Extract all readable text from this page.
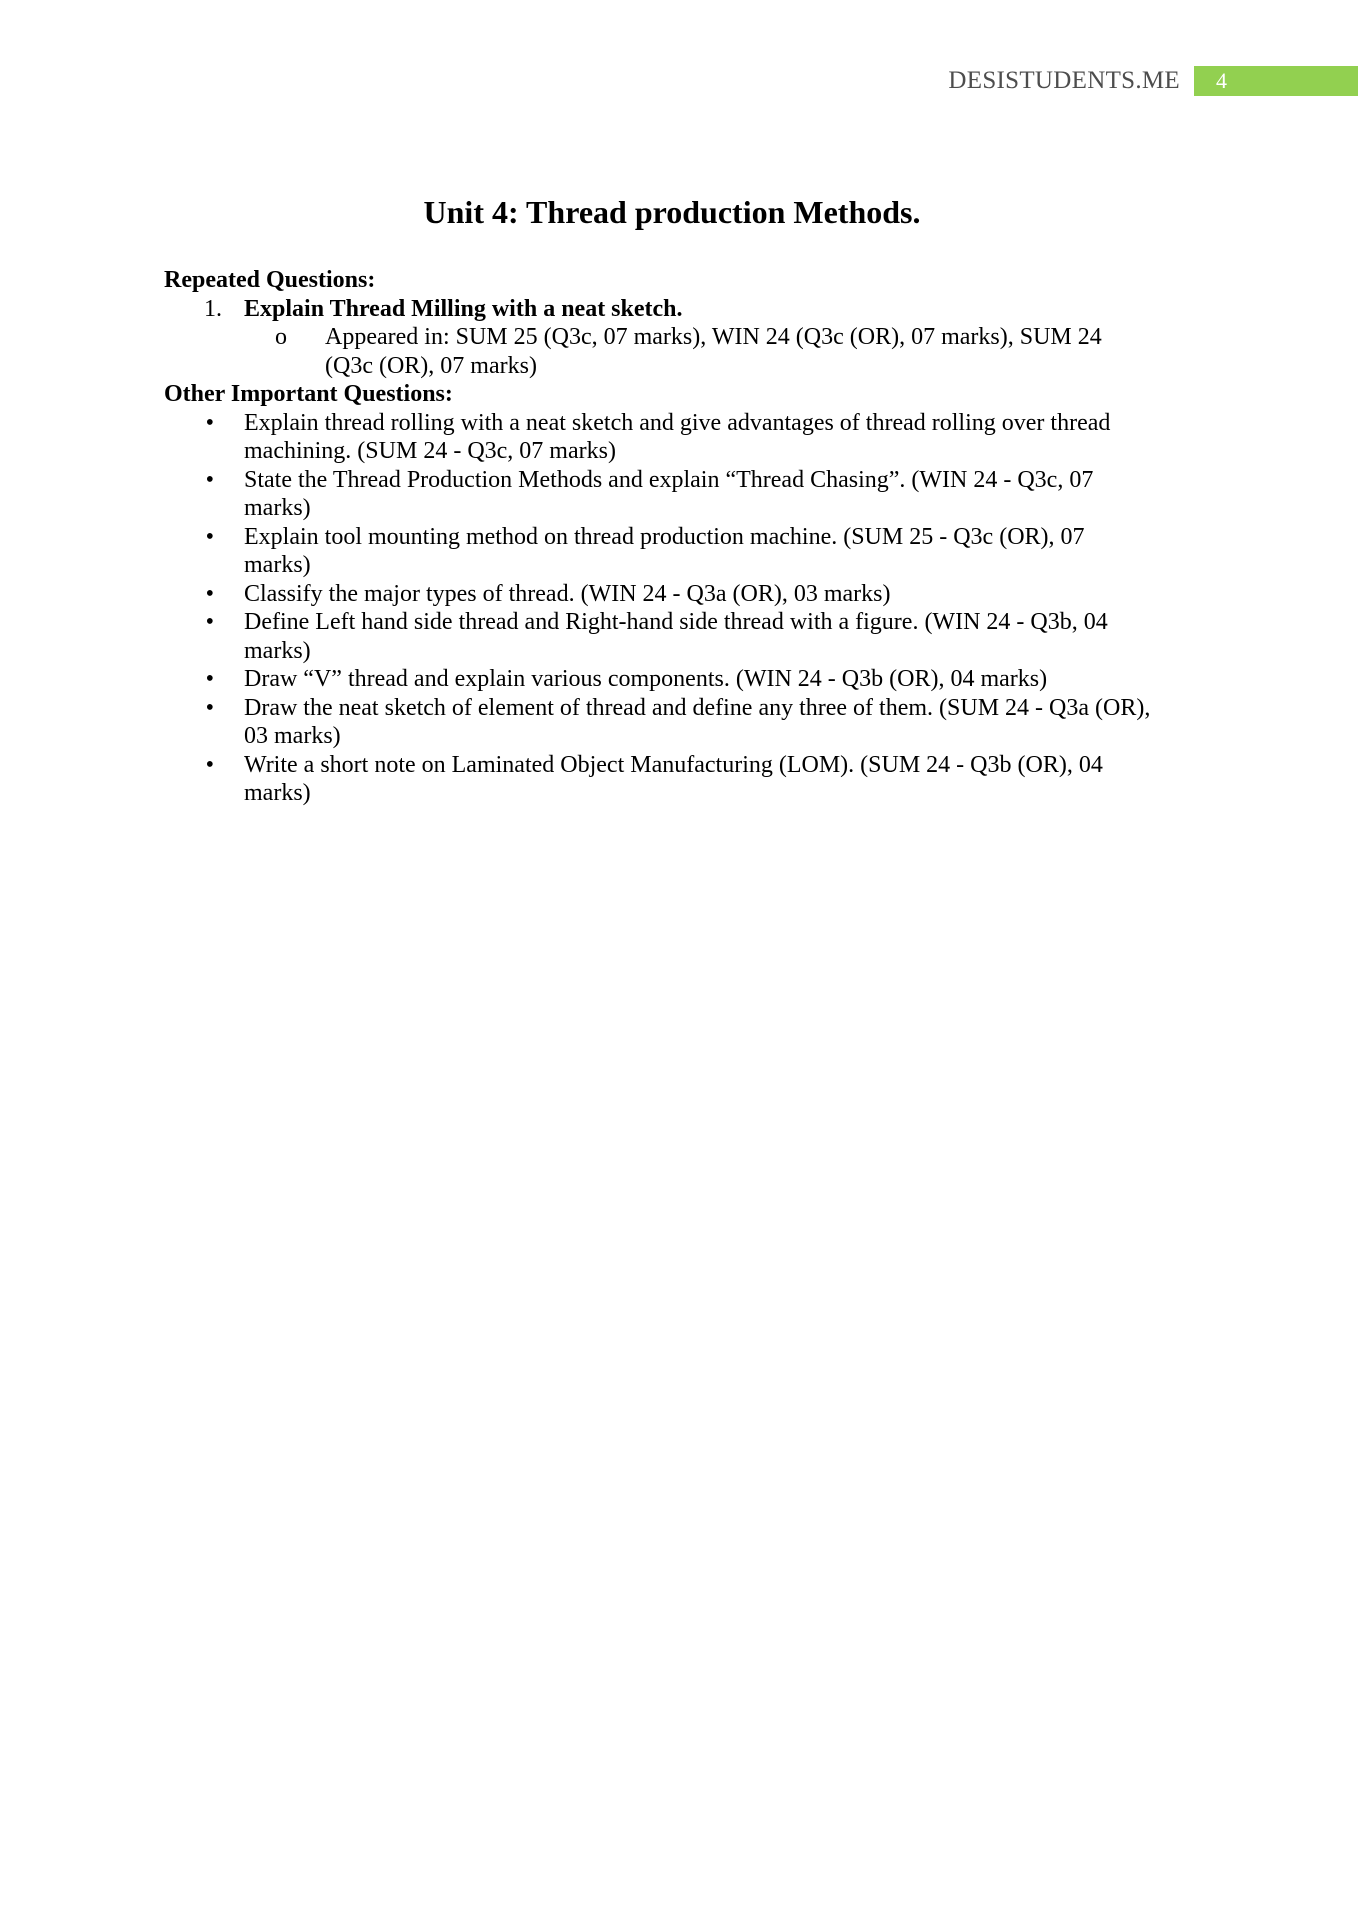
DESISTUDENTS.ME	4
Unit 4: Thread production Methods.

Repeated Questions:

1. Explain Thread Milling with a neat sketch.
o	Appeared in: SUM 25 (Q3c, 07 marks), WIN 24 (Q3c (OR), 07 marks), SUM 24 (Q3c (OR), 07 marks)

Other Important Questions:

•	Explain thread rolling with a neat sketch and give advantages of thread rolling over thread machining. (SUM 24 - Q3c, 07 marks)
•	State the Thread Production Methods and explain “Thread Chasing”. (WIN 24 - Q3c, 07 marks)
•	Explain tool mounting method on thread production machine. (SUM 25 - Q3c (OR), 07 marks)
•	Classify the major types of thread. (WIN 24 - Q3a (OR), 03 marks)
•	Define Left hand side thread and Right-hand side thread with a figure. (WIN 24 - Q3b, 04 marks)
•	Draw “V” thread and explain various components. (WIN 24 - Q3b (OR), 04 marks)
•	Draw the neat sketch of element of thread and define any three of them. (SUM 24 - Q3a (OR), 03 marks)
•	Write a short note on Laminated Object Manufacturing (LOM). (SUM 24 - Q3b (OR), 04 marks)
